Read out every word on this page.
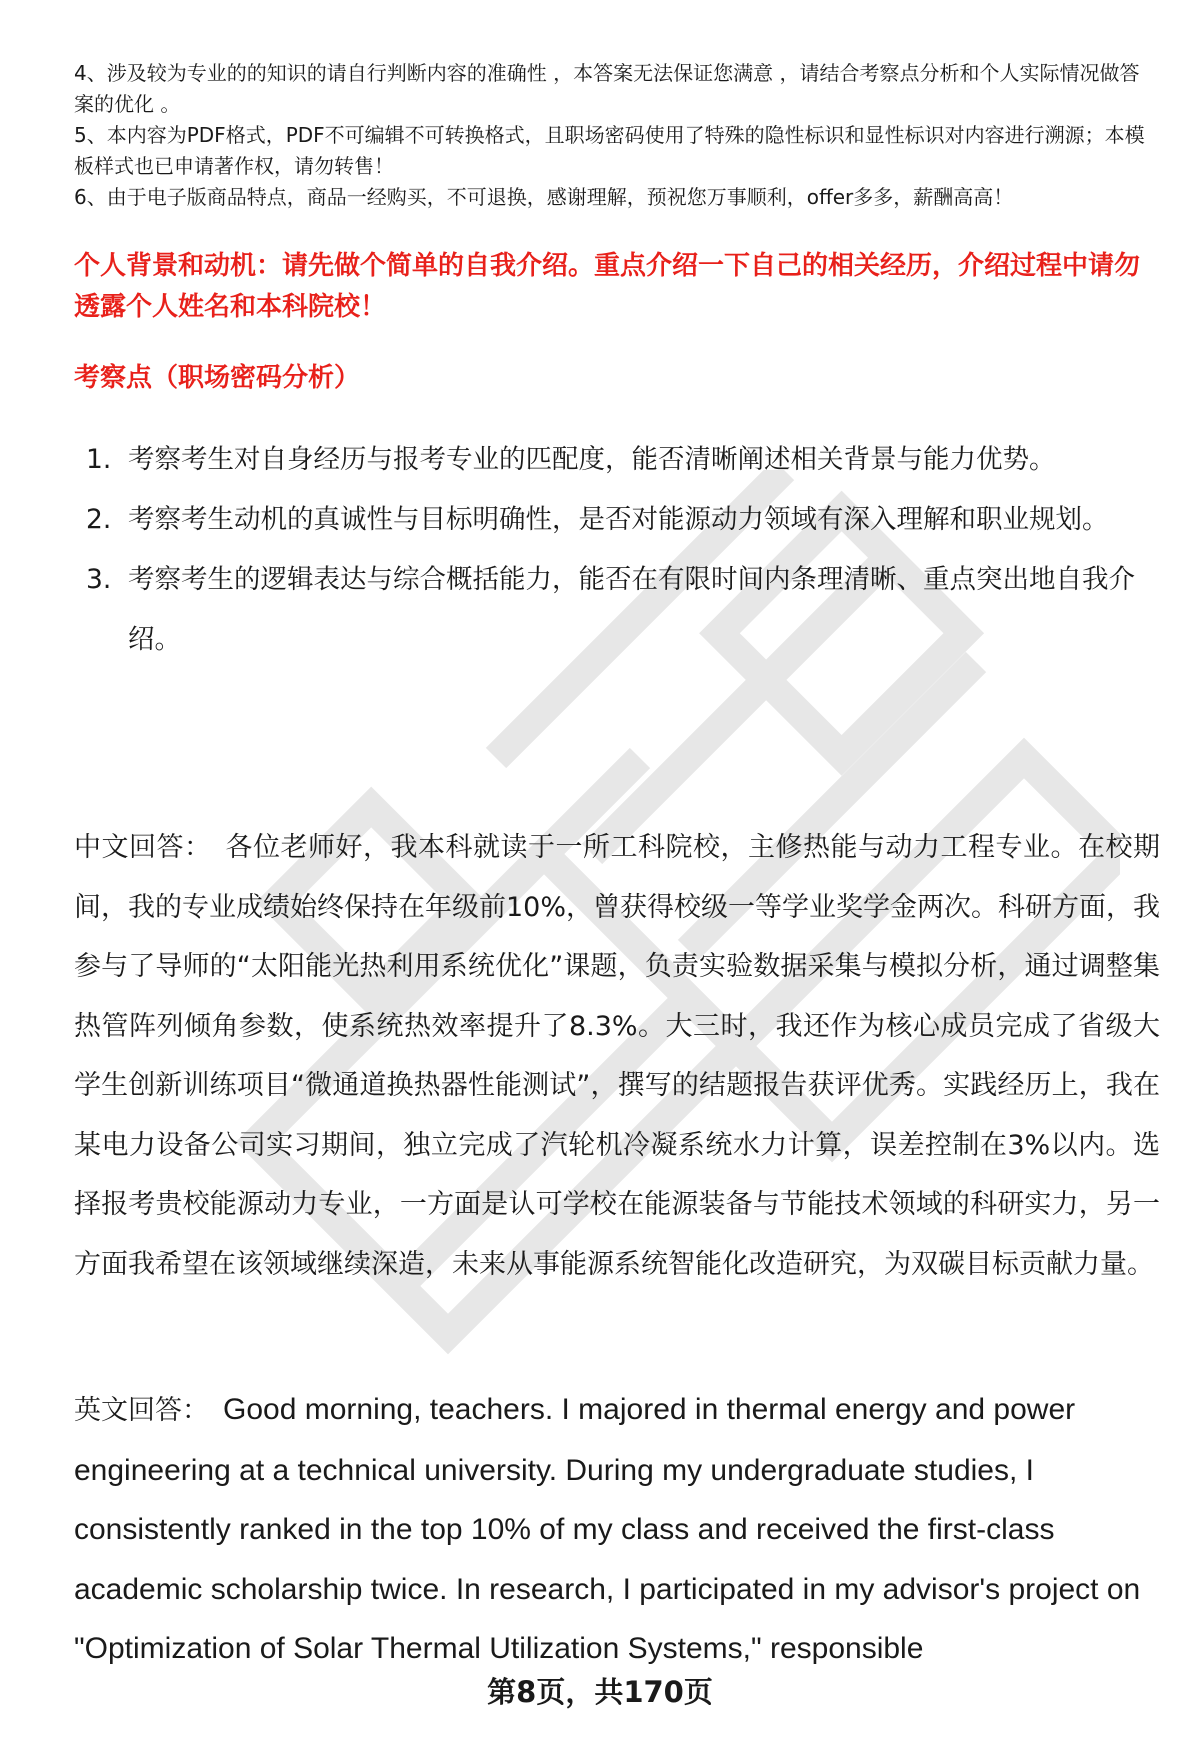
4、涉及较为专业的的知识的请自行判断内容的准确性 ，本答案无法保证您满意 ，请结合考察点分析和个人实际情况做答案的优化 。

5、本内容为PDF格式，PDF不可编辑不可转换格式，且职场密码使用了特殊的隐性标识和显性标识对内容进行溯源；本模板样式也已申请著作权，请勿转售！

6、由于电子版商品特点，商品一经购买，不可退换，感谢理解，预祝您万事顺利，offer多多，薪酬高高！

个人背景和动机：请先做个简单的自我介绍。重点介绍一下自己的相关经历，介绍过程中请勿透露个人姓名和本科院校！

考察点（职场密码分析）

1. 考察考生对自身经历与报考专业的匹配度，能否清晰阐述相关背景与能力优势。
2. 考察考生动机的真诚性与目标明确性，是否对能源动力领域有深入理解和职业规划。
3. 考察考生的逻辑表达与综合概括能力，能否在有限时间内条理清晰、重点突出地自我介绍。

中文回答： 各位老师好，我本科就读于一所工科院校，主修热能与动力工程专业。在校期间，我的专业成绩始终保持在年级前10%，曾获得校级一等学业奖学金两次。科研方面，我参与了导师的“太阳能光热利用系统优化”课题，负责实验数据采集与模拟分析，通过调整集热管阵列倾角参数，使系统热效率提升了8.3%。大三时，我还作为核心成员完成了省级大学生创新训练项目“微通道换热器性能测试”，撰写的结题报告获评优秀。实践经历上，我在某电力设备公司实习期间，独立完成了汽轮机冷凝系统水力计算，误差控制在3%以内。选择报考贵校能源动力专业，一方面是认可学校在能源装备与节能技术领域的科研实力，另一方面我希望在该领域继续深造，未来从事能源系统智能化改造研究，为双碳目标贡献力量。

英文回答： Good morning, teachers. I majored in thermal energy and power engineering at a technical university. During my undergraduate studies, I consistently ranked in the top 10% of my class and received the first-class academic scholarship twice. In research, I participated in my advisor's project on "Optimization of Solar Thermal Utilization Systems," responsible

第8页，共170页
